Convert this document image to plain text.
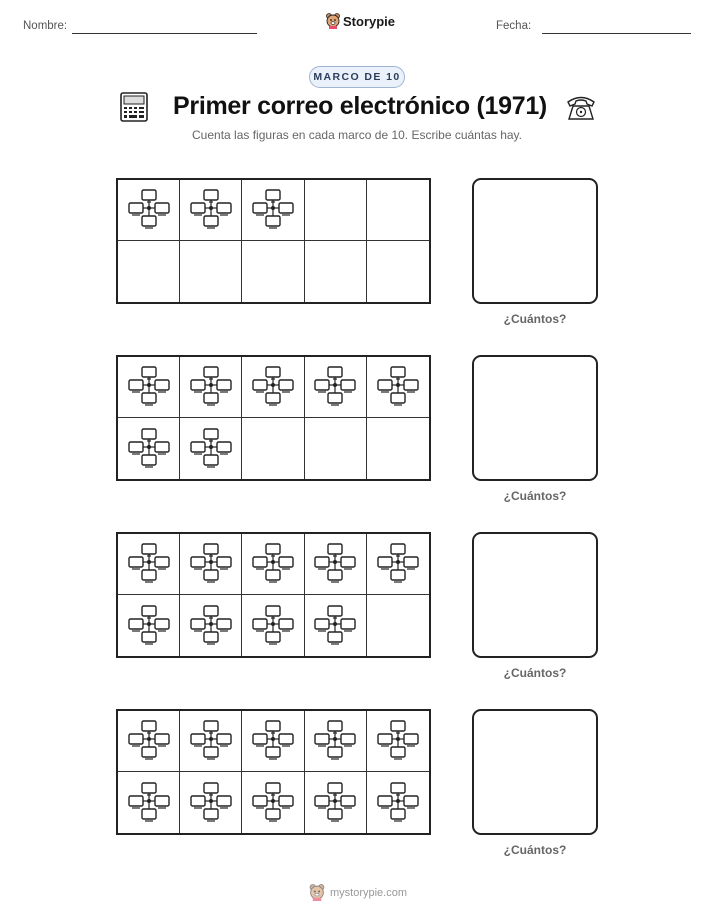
Nombre:	Storypie	Fecha:
MARCO DE 10
Primer correo electrónico (1971)
Cuenta las figuras en cada marco de 10. Escribe cuántas hay.
¿Cuántos?
¿Cuántos?
¿Cuántos?
¿Cuántos?
mystorypie.com
